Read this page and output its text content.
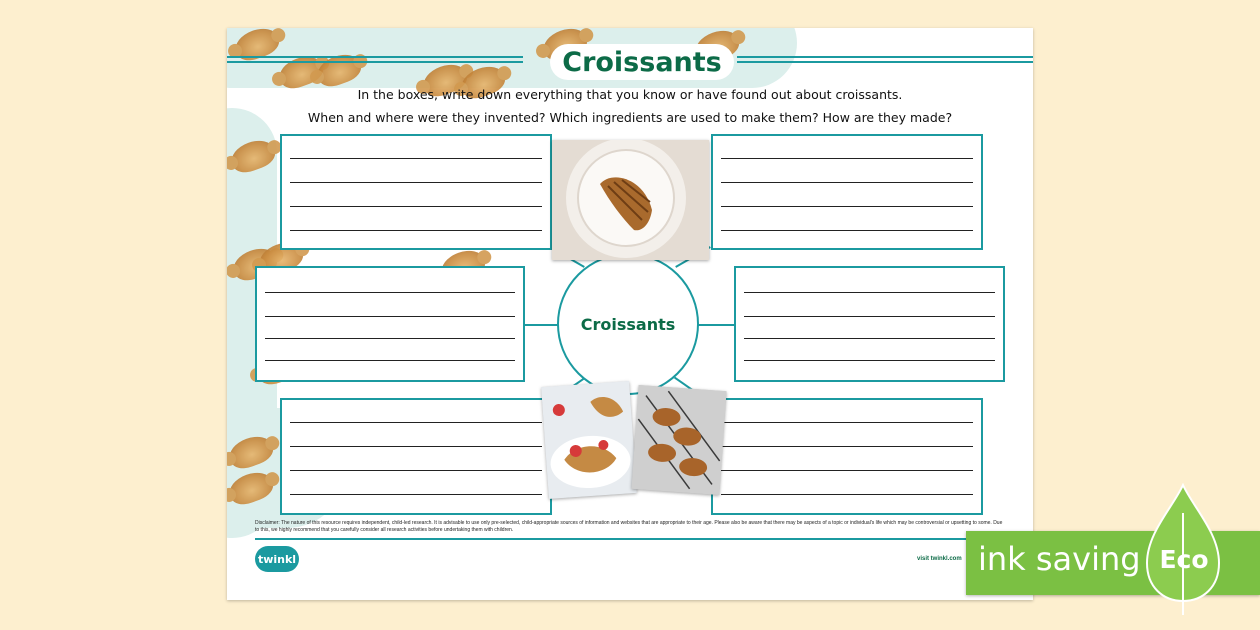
Croissants
In the boxes, write down everything that you know or have found out about croissants.
When and where were they invented? Which ingredients are used to make them? How are they made?
Croissants
Disclaimer: The nature of this resource requires independent, child-led research. It is advisable to use only pre-selected, child-appropriate sources of information and websites that are appropriate to their age. Please also be aware that there may be aspects of a topic or individual's life which may be controversial or upsetting to some. Due to this, we highly recommend that you carefully consider all research activities before undertaking them with children.
twinkl	visit twinkl.com ink saving Eco
